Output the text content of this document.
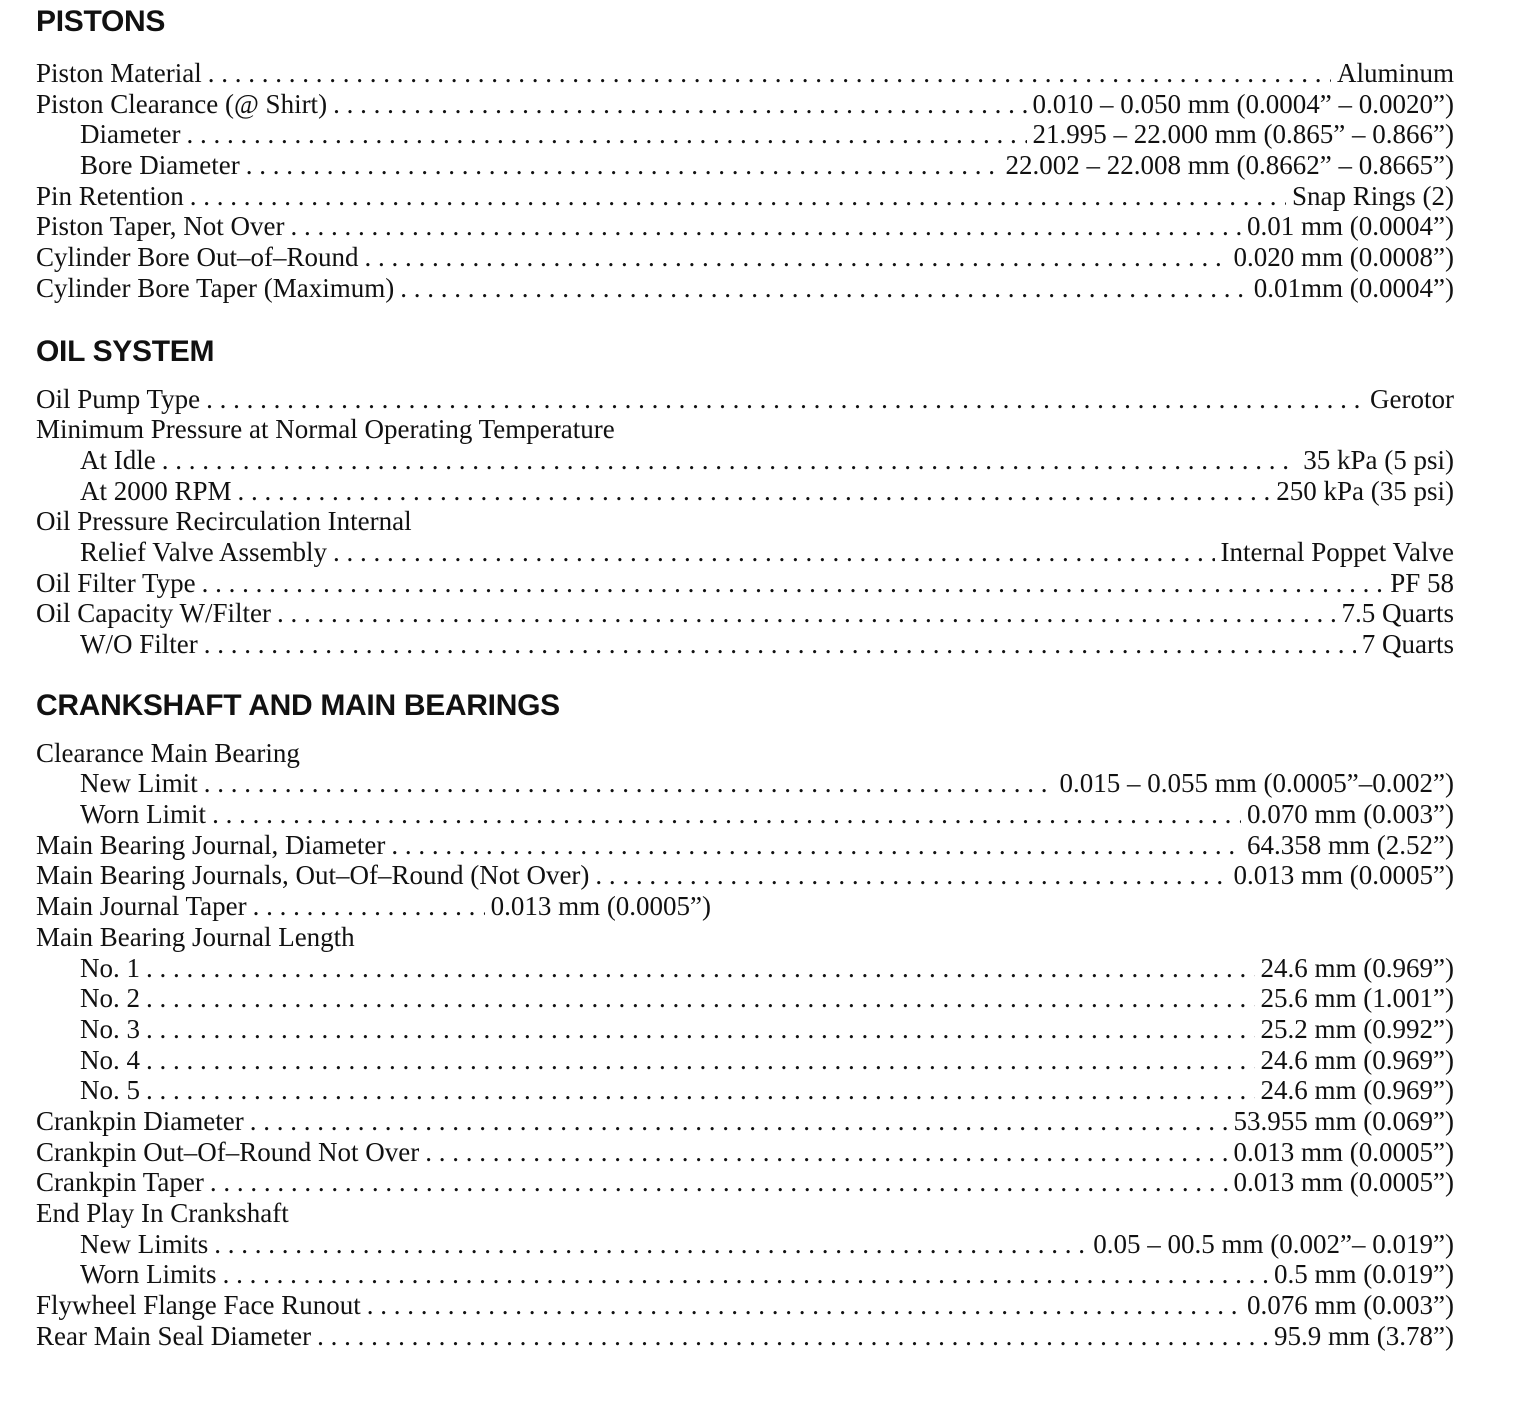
PISTONS
Piston Material . . .	Aluminum
Piston Clearance (@ Shirt) . . .	0.010 – 0.050 mm (0.0004” – 0.0020”)
Diameter . . .	21.995 – 22.000 mm (0.865” – 0.866”)
Bore Diameter . . .	22.002 – 22.008 mm (0.8662” – 0.8665”)
Pin Retention . . .	Snap Rings (2)
Piston Taper, Not Over . . .	0.01 mm (0.0004”)
Cylinder Bore Out–of–Round . . .	0.020 mm (0.0008”)
Cylinder Bore Taper (Maximum) . . .	0.01mm (0.0004”)
OIL SYSTEM
Oil Pump Type . . .	Gerotor
Minimum Pressure at Normal Operating Temperature
At Idle . . .	35 kPa (5 psi)
At 2000 RPM . . .	250 kPa (35 psi)
Oil Pressure Recirculation Internal
Relief Valve Assembly . . .	Internal Poppet Valve
Oil Filter Type . . .	PF 58
Oil Capacity W/Filter . . .	7.5 Quarts
W/O Filter . . .	7 Quarts
CRANKSHAFT AND MAIN BEARINGS
Clearance Main Bearing
New Limit . . .	0.015 – 0.055 mm (0.0005”–0.002”)
Worn Limit . . .	0.070 mm (0.003”)
Main Bearing Journal, Diameter . . .	64.358 mm (2.52”)
Main Bearing Journals, Out–Of–Round (Not Over) . . .	0.013 mm (0.0005”)
Main Journal Taper . . .	0.013 mm (0.0005”)
Main Bearing Journal Length
No. 1 . . .	24.6 mm (0.969”)
No. 2 . . .	25.6 mm (1.001”)
No. 3 . . .	25.2 mm (0.992”)
No. 4 . . .	24.6 mm (0.969”)
No. 5 . . .	24.6 mm (0.969”)
Crankpin Diameter . . .	53.955 mm (0.069”)
Crankpin Out–Of–Round Not Over . . .	0.013 mm (0.0005”)
Crankpin Taper . . .	0.013 mm (0.0005”)
End Play In Crankshaft
New Limits . . .	0.05 – 00.5 mm (0.002”– 0.019”)
Worn Limits . . .	0.5 mm (0.019”)
Flywheel Flange Face Runout . . .	0.076 mm (0.003”)
Rear Main Seal Diameter . . .	95.9 mm (3.78”)
